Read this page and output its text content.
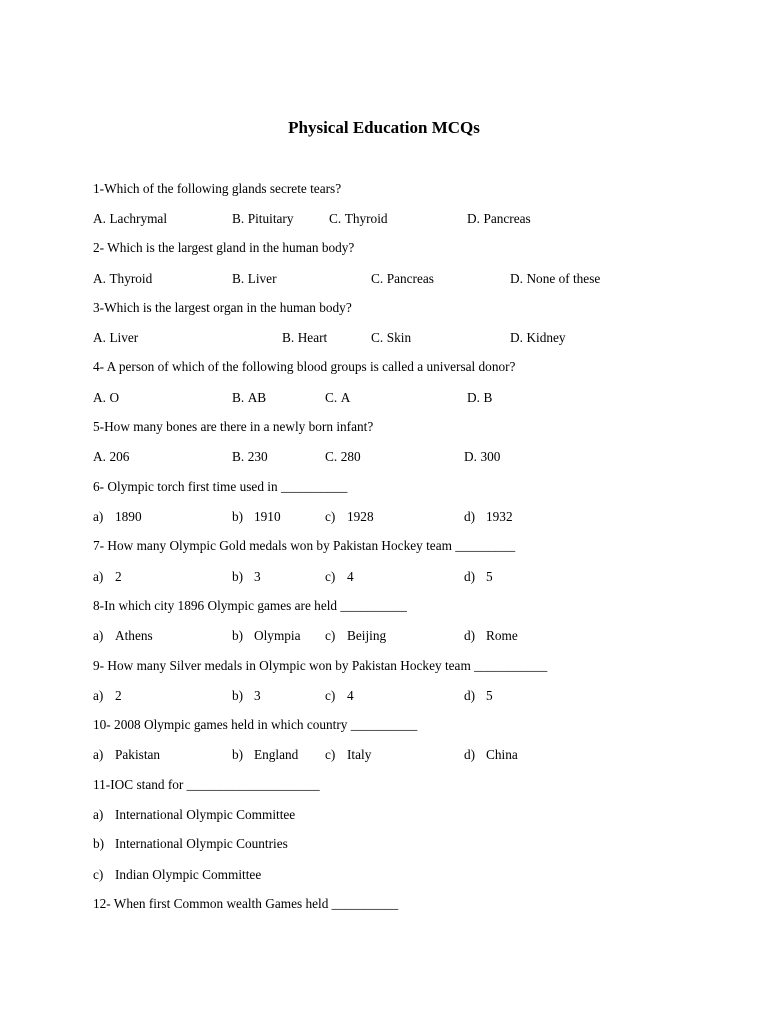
Physical Education MCQs
1-Which of the following glands secrete tears?
A. Lachrymal	B. Pituitary	C. Thyroid	D. Pancreas
2- Which is the largest gland in the human body?
A. Thyroid	B. Liver	C. Pancreas	D. None of these
3-Which is the largest organ in the human body?
A. Liver	B. Heart	C. Skin	D. Kidney
4- A person of which of the following blood groups is called a universal donor?
A. O	B. AB	C. A	D. B
5-How many bones are there in a newly born infant?
A. 206	B. 230	C. 280	D. 300
6- Olympic torch first time used in __________
a) 1890	b) 1910	c) 1928	d) 1932
7- How many Olympic Gold medals won by Pakistan Hockey team _________
a) 2	b) 3	c) 4	d) 5
8-In which city 1896 Olympic games are held __________
a) Athens	b) Olympia c) Beijing	d) Rome
9- How many Silver medals in Olympic won by Pakistan Hockey team ___________
a) 2	b) 3	c) 4	d) 5
10- 2008 Olympic games held in which country __________
a) Pakistan	b) England c) Italy	d) China
11-IOC stand for ____________________
a) International Olympic Committee
b) International Olympic Countries
c) Indian Olympic Committee
12- When first Common wealth Games held __________
